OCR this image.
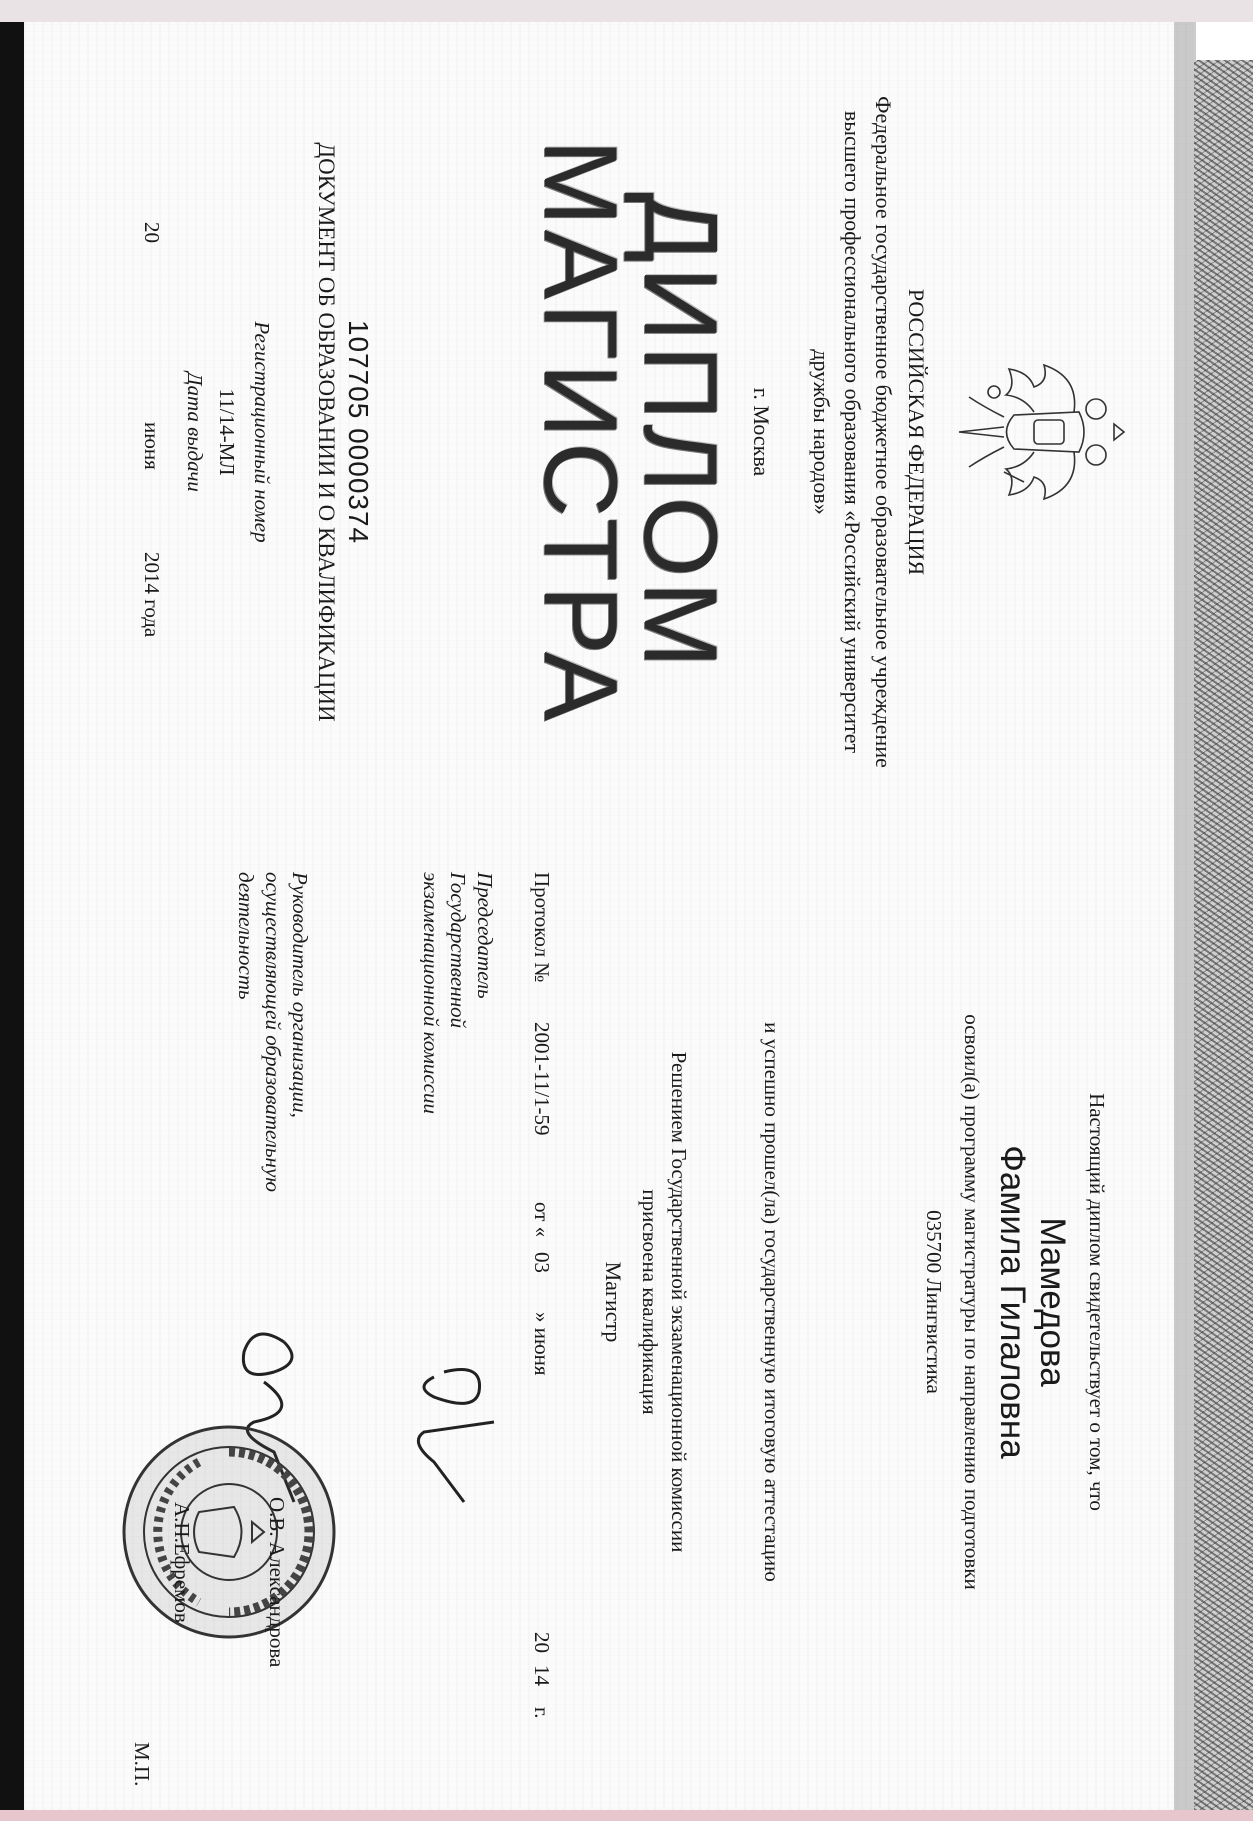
РОССИЙСКАЯ ФЕДЕРАЦИЯ
Федеральное государственное бюджетное образовательное учреждение
высшего профессионального образования «Российский университет
дружбы народов»
г. Москва
ДИПЛОМ
МАГИСТРА
107705 0000374
ДОКУМЕНТ ОБ ОБРАЗОВАНИИ И О КВАЛИФИКАЦИИ
Регистрационный номер
11/14-МЛ
Дата выдачи
20
июня
2014 года
Настоящий диплом свидетельствует о том, что
Мамедова
Фамила Гилаловна
освоил(а) программу магистратуры по направлению подготовки
035700 Лингвистика
и успешно прошел(ла) государственную итоговую аттестацию
Решением Государственной экзаменационной комиссии
присвоена квалификация
Магистр
Протокол №
2001-11/1-59
от «
03
» июня
20
14
г.
Председатель
Государственной
экзаменационной комиссии
Руководитель организации,
осуществляющей образовательную
деятельность
О.В. Александрова
А.П.Ефремов
М.П.
